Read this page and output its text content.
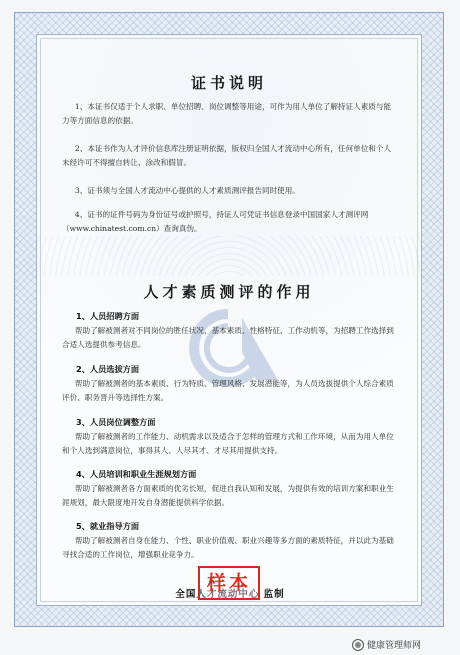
证书说明
1、本证书仅适于个人求职、单位招聘、岗位调整等用途，可作为用人单位了解持证人素质与能力等方面信息的依据。
2、本证书作为人才评价信息库注册证明依据，版权归全国人才流动中心所有，任何单位和个人未经许可不得擅自转让、涂改和假冒。
3、证书须与全国人才流动中心提供的人才素质测评报告同时使用。
4、证书的证件号码为身份证号或护照号，持证人可凭证书信息登录中国国家人才测评网（www.chinatest.com.cn）查询真伪。
人才素质测评的作用
1、人员招聘方面
帮助了解被测者对不同岗位的胜任状况、基本素质、性格特征、工作动机等，为招聘工作选择到合适人选提供参考信息。
2、人员选拔方面
帮助了解被测者的基本素质、行为特质、管理风格、发展潜能等，为人员选拔提供个人综合素质评价、职务晋升等选择性方案。
3、人员岗位调整方面
帮助了解被测者的工作能力、动机需求以及适合于怎样的管理方式和工作环境，从而为用人单位和个人选到满意岗位，事得其人、人尽其才、才尽其用提供支持。
4、人员培训和职业生涯规划方面
帮助了解被测者各方面素质的优劣长短，促进自我认知和发展，为提供有效的培训方案和职业生涯规划，最大限度地开发自身潜能提供科学依据。
5、就业指导方面
帮助了解被测者自身在能力、个性、职业价值观、职业兴趣等多方面的素质特征，并以此为基础寻找合适的工作岗位，增强职业竞争力。
全国人才流动中心 监制
样本
健康管理师网
